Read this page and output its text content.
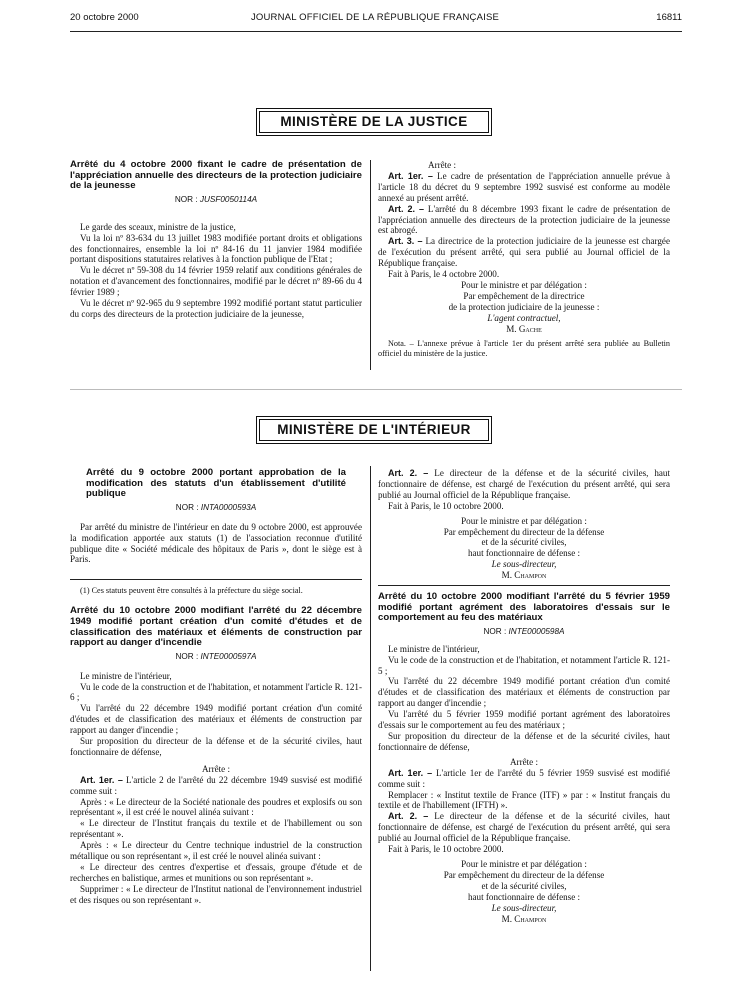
20 octobre 2000	JOURNAL OFFICIEL DE LA RÉPUBLIQUE FRANÇAISE	16811
MINISTÈRE DE LA JUSTICE
Arrêté du 4 octobre 2000 fixant le cadre de présentation de l'appréciation annuelle des directeurs de la protection judiciaire de la jeunesse
NOR : JUSF0050114A

Le garde des sceaux, ministre de la justice,

Vu la loi nº 83-634 du 13 juillet 1983 modifiée portant droits et obligations des fonctionnaires, ensemble la loi nº 84-16 du 11 janvier 1984 modifiée portant dispositions statutaires relatives à la fonction publique de l'Etat ;

Vu le décret nº 59-308 du 14 février 1959 relatif aux conditions générales de notation et d'avancement des fonctionnaires, modifié par le décret nº 89-66 du 4 février 1989 ;

Vu le décret nº 92-965 du 9 septembre 1992 modifié portant statut particulier du corps des directeurs de la protection judiciaire de la jeunesse,

Arrête :

Art. 1er. – Le cadre de présentation de l'appréciation annuelle prévue à l'article 18 du décret du 9 septembre 1992 susvisé est conforme au modèle annexé au présent arrêté.

Art. 2. – L'arrêté du 8 décembre 1993 fixant le cadre de présentation de l'appréciation annuelle des directeurs de la protection judiciaire de la jeunesse est abrogé.

Art. 3. – La directrice de la protection judiciaire de la jeunesse est chargée de l'exécution du présent arrêté, qui sera publié au Journal officiel de la République française.

Fait à Paris, le 4 octobre 2000.

Pour le ministre et par délégation :
Par empêchement de la directrice
de la protection judiciaire de la jeunesse :
L'agent contractuel,
M. Gache

Nota. – L'annexe prévue à l'article 1er du présent arrêté sera publiée au Bulletin officiel du ministère de la justice.

MINISTÈRE DE L'INTÉRIEUR
Arrêté du 9 octobre 2000 portant approbation de la modification des statuts d'un établissement d'utilité publique
NOR : INTA0000593A

Par arrêté du ministre de l'intérieur en date du 9 octobre 2000, est approuvée la modification apportée aux statuts (1) de l'association reconnue d'utilité publique dite « Société médicale des hôpitaux de Paris », dont le siège est à Paris.

(1) Ces statuts peuvent être consultés à la préfecture du siège social.

Arrêté du 10 octobre 2000 modifiant l'arrêté du 22 décembre 1949 modifié portant création d'un comité d'études et de classification des matériaux et éléments de construction par rapport au danger d'incendie
NOR : INTE0000597A

Le ministre de l'intérieur,

Vu le code de la construction et de l'habitation, et notamment l'article R. 121-6 ;

Vu l'arrêté du 22 décembre 1949 modifié portant création d'un comité d'études et de classification des matériaux et éléments de construction par rapport au danger d'incendie ;

Sur proposition du directeur de la défense et de la sécurité civiles, haut fonctionnaire de défense,

Arrête :

Art. 1er. – L'article 2 de l'arrêté du 22 décembre 1949 susvisé est modifié comme suit :

Après : « Le directeur de la Société nationale des poudres et explosifs ou son représentant », il est créé le nouvel alinéa suivant :

« Le directeur de l'Institut français du textile et de l'habillement ou son représentant ».

Après : « Le directeur du Centre technique industriel de la construction métallique ou son représentant », il est créé le nouvel alinéa suivant :

« Le directeur des centres d'expertise et d'essais, groupe d'étude et de recherches en balistique, armes et munitions ou son représentant ».

Supprimer : « Le directeur de l'Institut national de l'environnement industriel et des risques ou son représentant ».

Art. 2. – Le directeur de la défense et de la sécurité civiles, haut fonctionnaire de défense, est chargé de l'exécution du présent arrêté, qui sera publié au Journal officiel de la République française.

Fait à Paris, le 10 octobre 2000.

Pour le ministre et par délégation :
Par empêchement du directeur de la défense
et de la sécurité civiles,
haut fonctionnaire de défense :
Le sous-directeur,
M. Champon
Arrêté du 10 octobre 2000 modifiant l'arrêté du 5 février 1959 modifié portant agrément des laboratoires d'essais sur le comportement au feu des matériaux
NOR : INTE0000598A

Le ministre de l'intérieur,

Vu le code de la construction et de l'habitation, et notamment l'article R. 121-5 ;

Vu l'arrêté du 22 décembre 1949 modifié portant création d'un comité d'études et de classification des matériaux et éléments de construction par rapport au danger d'incendie ;

Vu l'arrêté du 5 février 1959 modifié portant agrément des laboratoires d'essais sur le comportement au feu des matériaux ;

Sur proposition du directeur de la défense et de la sécurité civiles, haut fonctionnaire de défense,

Arrête :

Art. 1er. – L'article 1er de l'arrêté du 5 février 1959 susvisé est modifié comme suit :

Remplacer : « Institut textile de France (ITF) » par : « Institut français du textile et de l'habillement (IFTH) ».

Art. 2. – Le directeur de la défense et de la sécurité civiles, haut fonctionnaire de défense, est chargé de l'exécution du présent arrêté, qui sera publié au Journal officiel de la République française.

Fait à Paris, le 10 octobre 2000.

Pour le ministre et par délégation :
Par empêchement du directeur de la défense
et de la sécurité civiles,
haut fonctionnaire de défense :
Le sous-directeur,
M. Champon
